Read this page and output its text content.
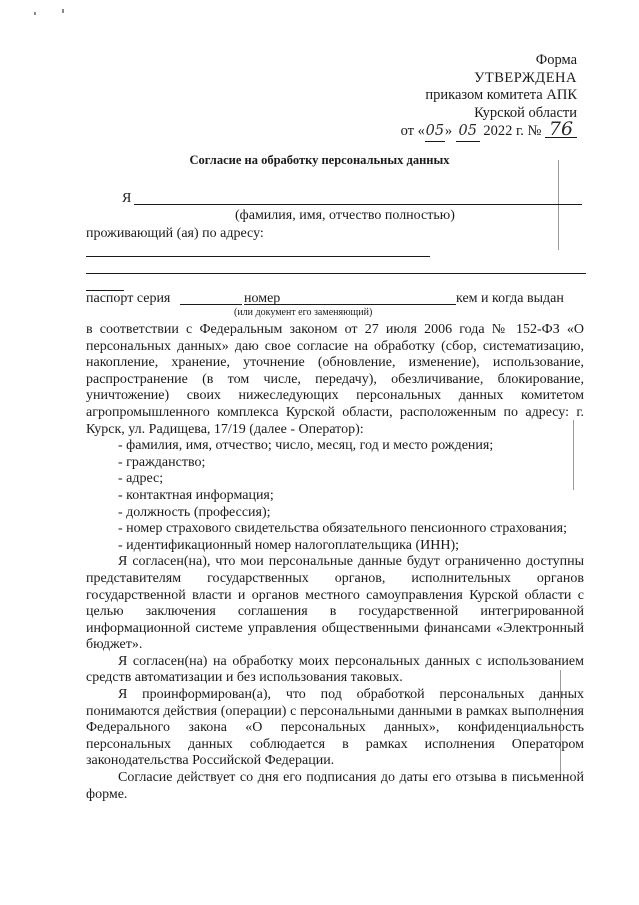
Форма
УТВЕРЖДЕНА
приказом комитета АПК
Курской области
от «05» 05 2022 г. № 76
Согласие на обработку персональных данных
Я
(фамилия, имя, отчество полностью)
проживающий (ая) по адресу:
паспорт серия	номер	кем и когда выдан
(или документ его заменяющий)

в соответствии с Федеральным законом от 27 июля 2006 года № 152-ФЗ «О персональных данных» даю свое согласие на обработку (сбор, систематизацию, накопление, хранение, уточнение (обновление, изменение), использование, распространение (в том числе, передачу), обезличивание, блокирование, уничтожение) своих нижеследующих персональных данных комитетом агропромышленного комплекса Курской области, расположенным по адресу: г. Курск, ул. Радищева, 17/19 (далее - Оператор):

- фамилия, имя, отчество; число, месяц, год и место рождения;

- гражданство;

- адрес;

- контактная информация;

- должность (профессия);

- номер страхового свидетельства обязательного пенсионного страхования;

- идентификационный номер налогоплательщика (ИНН);

Я согласен(на), что мои персональные данные будут ограниченно доступны представителям государственных органов, исполнительных органов государственной власти и органов местного самоуправления Курской области с целью заключения соглашения в государственной интегрированной информационной системе управления общественными финансами «Электронный бюджет».

Я согласен(на) на обработку моих персональных данных с использованием средств автоматизации и без использования таковых.

Я проинформирован(а), что под обработкой персональных данных понимаются действия (операции) с персональными данными в рамках выполнения Федерального закона «О персональных данных», конфиденциальность персональных данных соблюдается в рамках исполнения Оператором законодательства Российской Федерации.

Согласие действует со дня его подписания до даты его отзыва в письменной форме.
